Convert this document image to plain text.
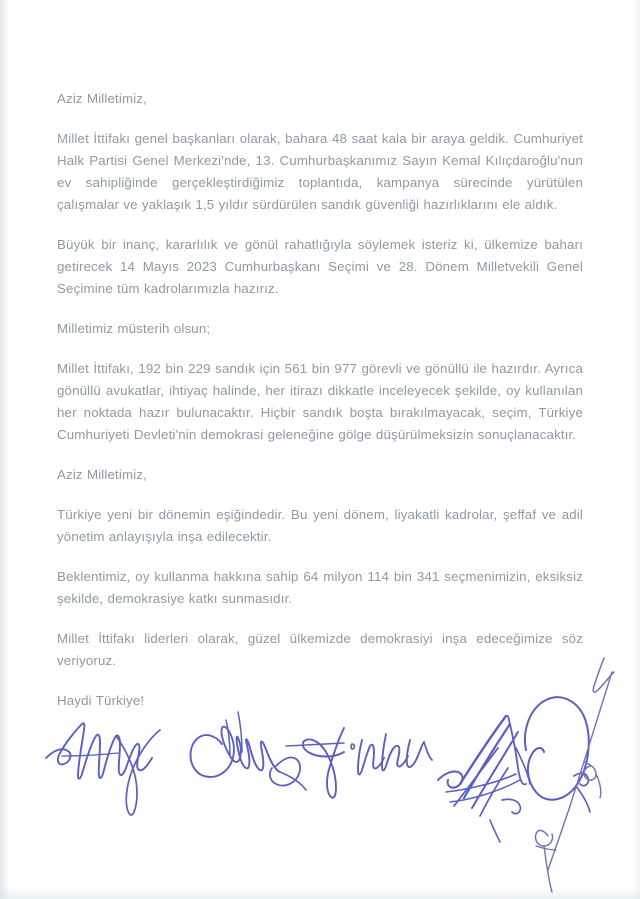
Aziz Milletimiz,

Millet İttifakı genel başkanları olarak, bahara 48 saat kala bir araya geldik. Cumhuriyet Halk Partisi Genel Merkezi'nde, 13. Cumhurbaşkanımız Sayın Kemal Kılıçdaroğlu'nun ev sahipliğinde gerçekleştirdiğimiz toplantıda, kampanya sürecinde yürütülen çalışmalar ve yaklaşık 1,5 yıldır sürdürülen sandık güvenliği hazırlıklarını ele aldık.

Büyük bir inanç, kararlılık ve gönül rahatlığıyla söylemek isteriz ki, ülkemize baharı getirecek 14 Mayıs 2023 Cumhurbaşkanı Seçimi ve 28. Dönem Milletvekili Genel Seçimine tüm kadrolarımızla hazırız.

Milletimiz müsterih olsun;

Millet İttifakı, 192 bin 229 sandık için 561 bin 977 görevli ve gönüllü ile hazırdır. Ayrıca gönüllü avukatlar, ihtiyaç halinde, her itirazı dikkatle inceleyecek şekilde, oy kullanılan her noktada hazır bulunacaktır. Hiçbir sandık boşta bırakılmayacak, seçim, Türkiye Cumhuriyeti Devleti'nin demokrasi geleneğine gölge düşürülmeksizin sonuçlanacaktır.

Aziz Milletimiz,

Türkiye yeni bir dönemin eşiğindedir. Bu yeni dönem, liyakatli kadrolar, şeffaf ve adil yönetim anlayışıyla inşa edilecektir.

Beklentimiz, oy kullanma hakkına sahip 64 milyon 114 bin 341 seçmenimizin, eksiksiz şekilde, demokrasiye katkı sunmasıdır.

Millet İttifakı liderleri olarak, güzel ülkemizde demokrasiyi inşa edeceğimize söz veriyoruz.

Haydi Türkiye!
